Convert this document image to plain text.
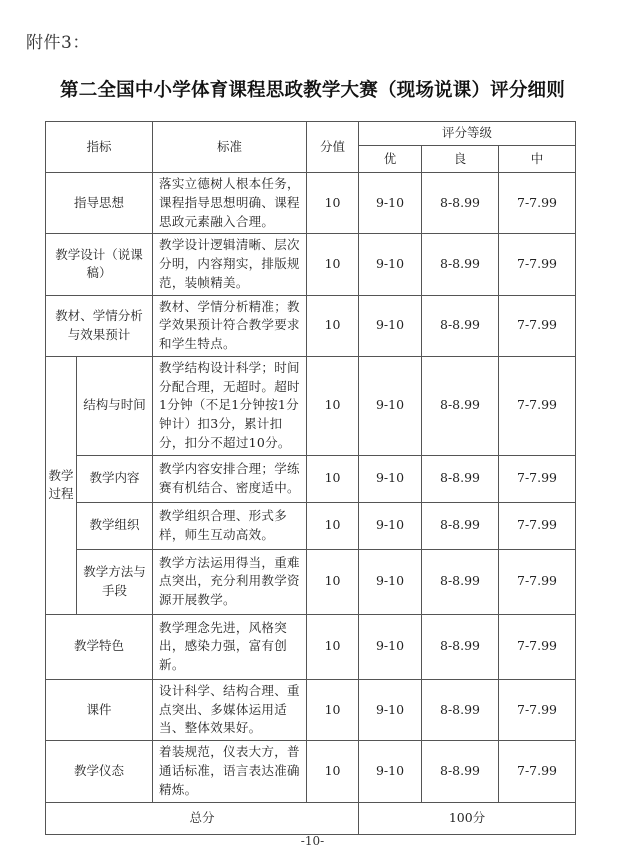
附件3：
第二全国中小学体育课程思政教学大赛（现场说课）评分细则
指标		标准	分值	评分等级		
				优	良	中
指导思想		落实立德树人根本任务，课程指导思想明确、课程思政元素融入合理。	10	9-10	8-8.99	7-7.99
教学设计（说课稿）		教学设计逻辑清晰、层次分明，内容翔实，排版规范，装帧精美。	10	9-10	8-8.99	7-7.99
教材、学情分析与效果预计		教材、学情分析精准；教学效果预计符合教学要求和学生特点。	10	9-10	8-8.99	7-7.99
教学过程	结构与时间	教学结构设计科学；时间分配合理，无超时。超时1分钟（不足1分钟按1分钟计）扣3分，累计扣分，扣分不超过10分。	10	9-10	8-8.99	7-7.99
	教学内容	教学内容安排合理；学练赛有机结合、密度适中。	10	9-10	8-8.99	7-7.99
	教学组织	教学组织合理、形式多样，师生互动高效。	10	9-10	8-8.99	7-7.99
	教学方法与手段	教学方法运用得当，重难点突出，充分利用教学资源开展教学。	10	9-10	8-8.99	7-7.99
教学特色		教学理念先进，风格突出，感染力强，富有创新。	10	9-10	8-8.99	7-7.99
课件		设计科学、结构合理、重点突出、多媒体运用适当、整体效果好。	10	9-10	8-8.99	7-7.99
教学仪态		着装规范，仪表大方，普通话标准，语言表达准确精炼。	10	9-10	8-8.99	7-7.99
总分				100分		
-10-
